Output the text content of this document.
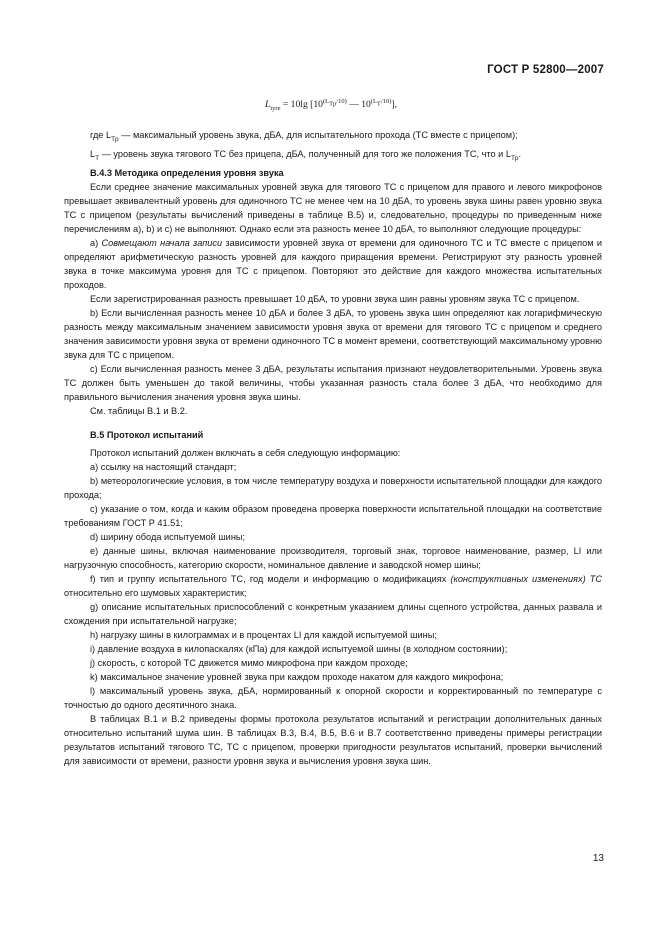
ГОСТ Р 52800—2007
$L_{tyre} = 10\lg$ [$10^{(L_{Tp}/10)}$ — $10^{(L_T/10)}$],

где $L_{Tp}$ — максимальный уровень звука, дБА, для испытательного прохода (ТС вместе с прицепом);

$L_T$ — уровень звука тягового ТС без прицепа, дБА, полученный для того же положения ТС, что и $L_{Tp}$.

В.4.3 Методика определения уровня звука

Если среднее значение максимальных уровней звука для тягового ТС с прицепом для правого и левого микрофонов превышает эквивалентный уровень для одиночного ТС не менее чем на 10 дБА, то уровень звука шины равен уровню звука ТС с прицепом (результаты вычислений приведены в таблице В.5) и, следовательно, процедуры по приведенным ниже перечислениям а), b) и с) не выполняют. Однако если эта разность менее 10 дБА, то выполняют следующие процедуры:

a) Совмещают начала записи зависимости уровней звука от времени для одиночного ТС и ТС вместе с прицепом и определяют арифметическую разность уровней для каждого приращения времени. Регистрируют эту разность уровней звука в точке максимума уровня для ТС с прицепом. Повторяют это действие для каждого множества испытательных проходов.

Если зарегистрированная разность превышает 10 дБА, то уровни звука шин равны уровням звука ТС с прицепом.

b) Если вычисленная разность менее 10 дБА и более 3 дБА, то уровень звука шин определяют как логарифмическую разность между максимальным значением зависимости уровня звука от времени для тягового ТС с прицепом и среднего значения зависимости уровня звука от времени одиночного ТС в момент времени, соответствующий максимальному уровню звука для ТС с прицепом.

c) Если вычисленная разность менее 3 дБА, результаты испытания признают неудовлетворительными. Уровень звука ТС должен быть уменьшен до такой величины, чтобы указанная разность стала более 3 дБА, что необходимо для правильного вычисления значения уровня звука шины.

См. таблицы В.1 и В.2.

В.5 Протокол испытаний

Протокол испытаний должен включать в себя следующую информацию:

а) ссылку на настоящий стандарт;

b) метеорологические условия, в том числе температуру воздуха и поверхности испытательной площадки для каждого прохода;

с) указание о том, когда и каким образом проведена проверка поверхности испытательной площадки на соответствие требованиям ГОСТ Р 41.51;

d) ширину обода испытуемой шины;

е) данные шины, включая наименование производителя, торговый знак, торговое наименование, размер, LI или нагрузочную способность, категорию скорости, номинальное давление и заводской номер шины;

f) тип и группу испытательного ТС, год модели и информацию о модификациях (конструктивных изменениях) ТС относительно его шумовых характеристик;

g) описание испытательных приспособлений с конкретным указанием длины сцепного устройства, данных развала и схождения при испытательной нагрузке;

h) нагрузку шины в килограммах и в процентах LI для каждой испытуемой шины;

i) давление воздуха в килопаскалях (кПа) для каждой испытуемой шины (в холодном состоянии);

j) скорость, с которой ТС движется мимо микрофона при каждом проходе;

k) максимальное значение уровней звука при каждом проходе накатом для каждого микрофона;

l) максимальный уровень звука, дБА, нормированный к опорной скорости и корректированный по температуре с точностью до одного десятичного знака.

В таблицах В.1 и В.2 приведены формы протокола результатов испытаний и регистрации дополнительных данных относительно испытаний шума шин. В таблицах В.3, В.4, В.5, В.6 и В.7 соответственно приведены примеры регистрации результатов испытаний тягового ТС, ТС с прицепом, проверки пригодности результатов испытаний, проверки вычислений для зависимости от времени, разности уровня звука и вычисления уровня звука шин.

13
